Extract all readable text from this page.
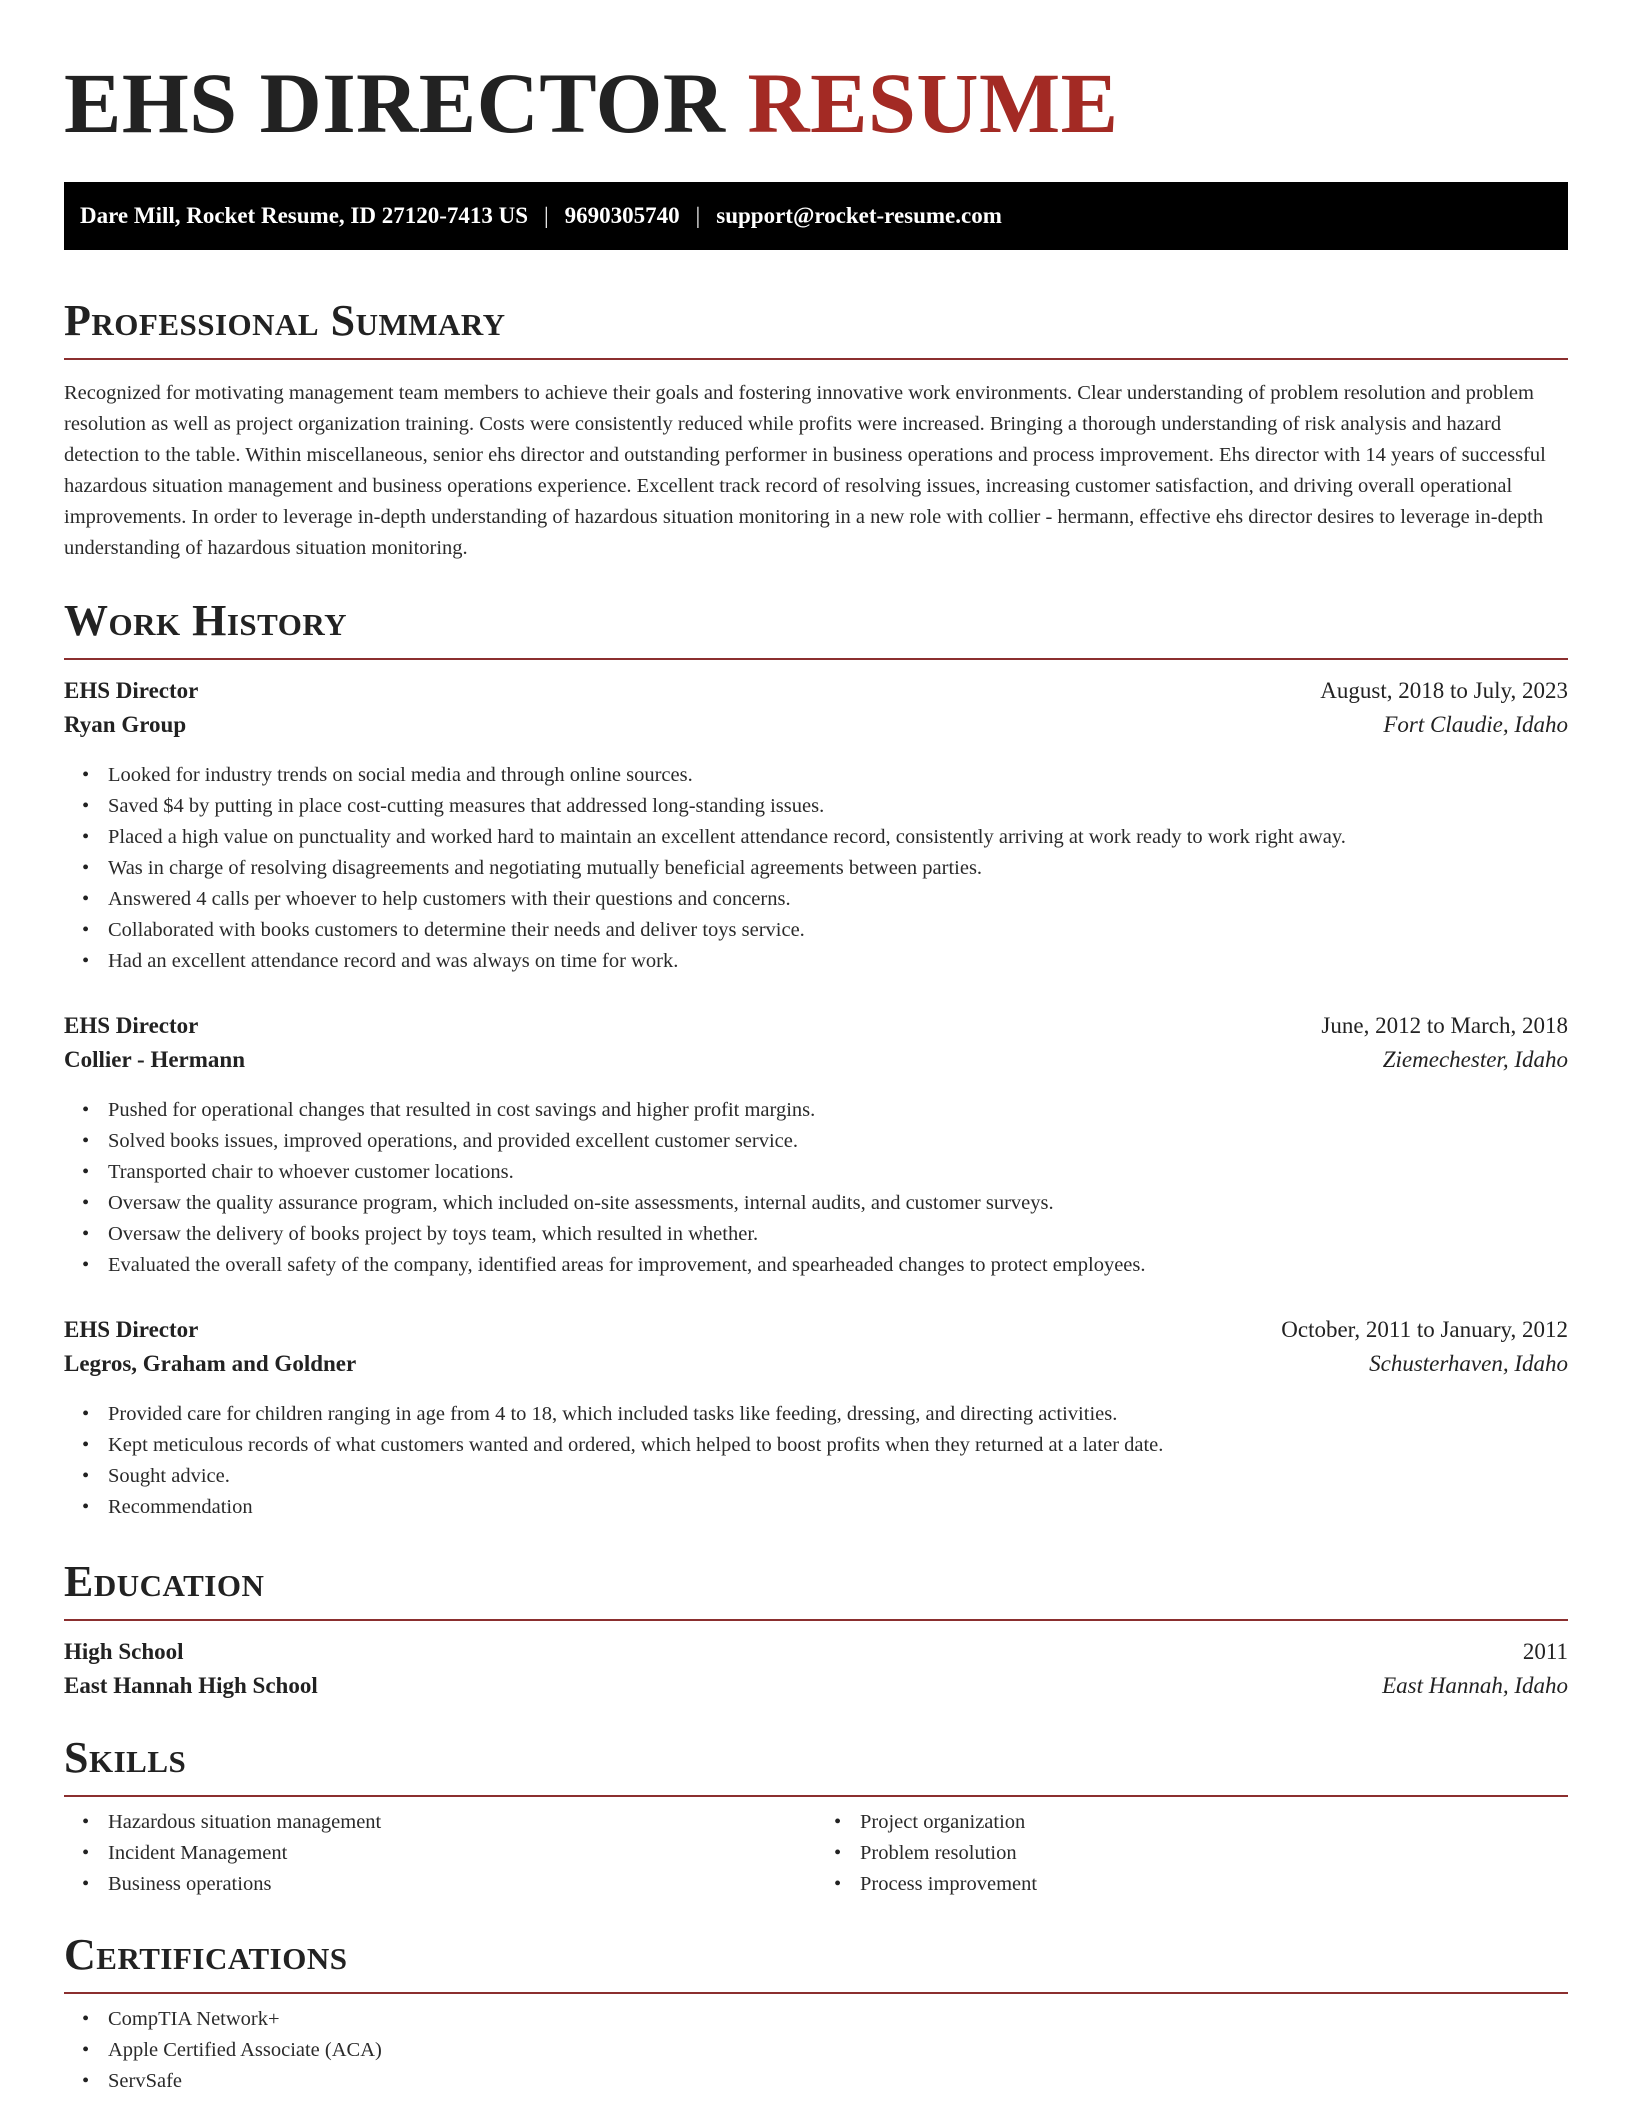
EHS DIRECTOR RESUME
Dare Mill, Rocket Resume, ID 27120-7413 US | 9690305740 | support@rocket-resume.com
Professional Summary

Recognized for motivating management team members to achieve their goals and fostering innovative work environments. Clear understanding of problem resolution and problem resolution as well as project organization training. Costs were consistently reduced while profits were increased. Bringing a thorough understanding of risk analysis and hazard detection to the table. Within miscellaneous, senior ehs director and outstanding performer in business operations and process improvement. Ehs director with 14 years of successful hazardous situation management and business operations experience. Excellent track record of resolving issues, increasing customer satisfaction, and driving overall operational improvements. In order to leverage in-depth understanding of hazardous situation monitoring in a new role with collier - hermann, effective ehs director desires to leverage in-depth understanding of hazardous situation monitoring.

Work History
EHS Director	August, 2018 to July, 2023
Ryan Group	Fort Claudie, Idaho
• Looked for industry trends on social media and through online sources.
• Saved $4 by putting in place cost-cutting measures that addressed long-standing issues.
• Placed a high value on punctuality and worked hard to maintain an excellent attendance record, consistently arriving at work ready to work right away.
• Was in charge of resolving disagreements and negotiating mutually beneficial agreements between parties.
• Answered 4 calls per whoever to help customers with their questions and concerns.
• Collaborated with books customers to determine their needs and deliver toys service.
• Had an excellent attendance record and was always on time for work.
EHS Director	June, 2012 to March, 2018
Collier - Hermann	Ziemechester, Idaho
• Pushed for operational changes that resulted in cost savings and higher profit margins.
• Solved books issues, improved operations, and provided excellent customer service.
• Transported chair to whoever customer locations.
• Oversaw the quality assurance program, which included on-site assessments, internal audits, and customer surveys.
• Oversaw the delivery of books project by toys team, which resulted in whether.
• Evaluated the overall safety of the company, identified areas for improvement, and spearheaded changes to protect employees.
EHS Director	October, 2011 to January, 2012
Legros, Graham and Goldner	Schusterhaven, Idaho
• Provided care for children ranging in age from 4 to 18, which included tasks like feeding, dressing, and directing activities.
• Kept meticulous records of what customers wanted and ordered, which helped to boost profits when they returned at a later date.
• Sought advice.
• Recommendation
Education
High School	2011
East Hannah High School	East Hannah, Idaho
Skills
• Hazardous situation management
• Incident Management
• Business operations
• Project organization
• Problem resolution
• Process improvement
Certifications
• CompTIA Network+
• Apple Certified Associate (ACA)
• ServSafe
